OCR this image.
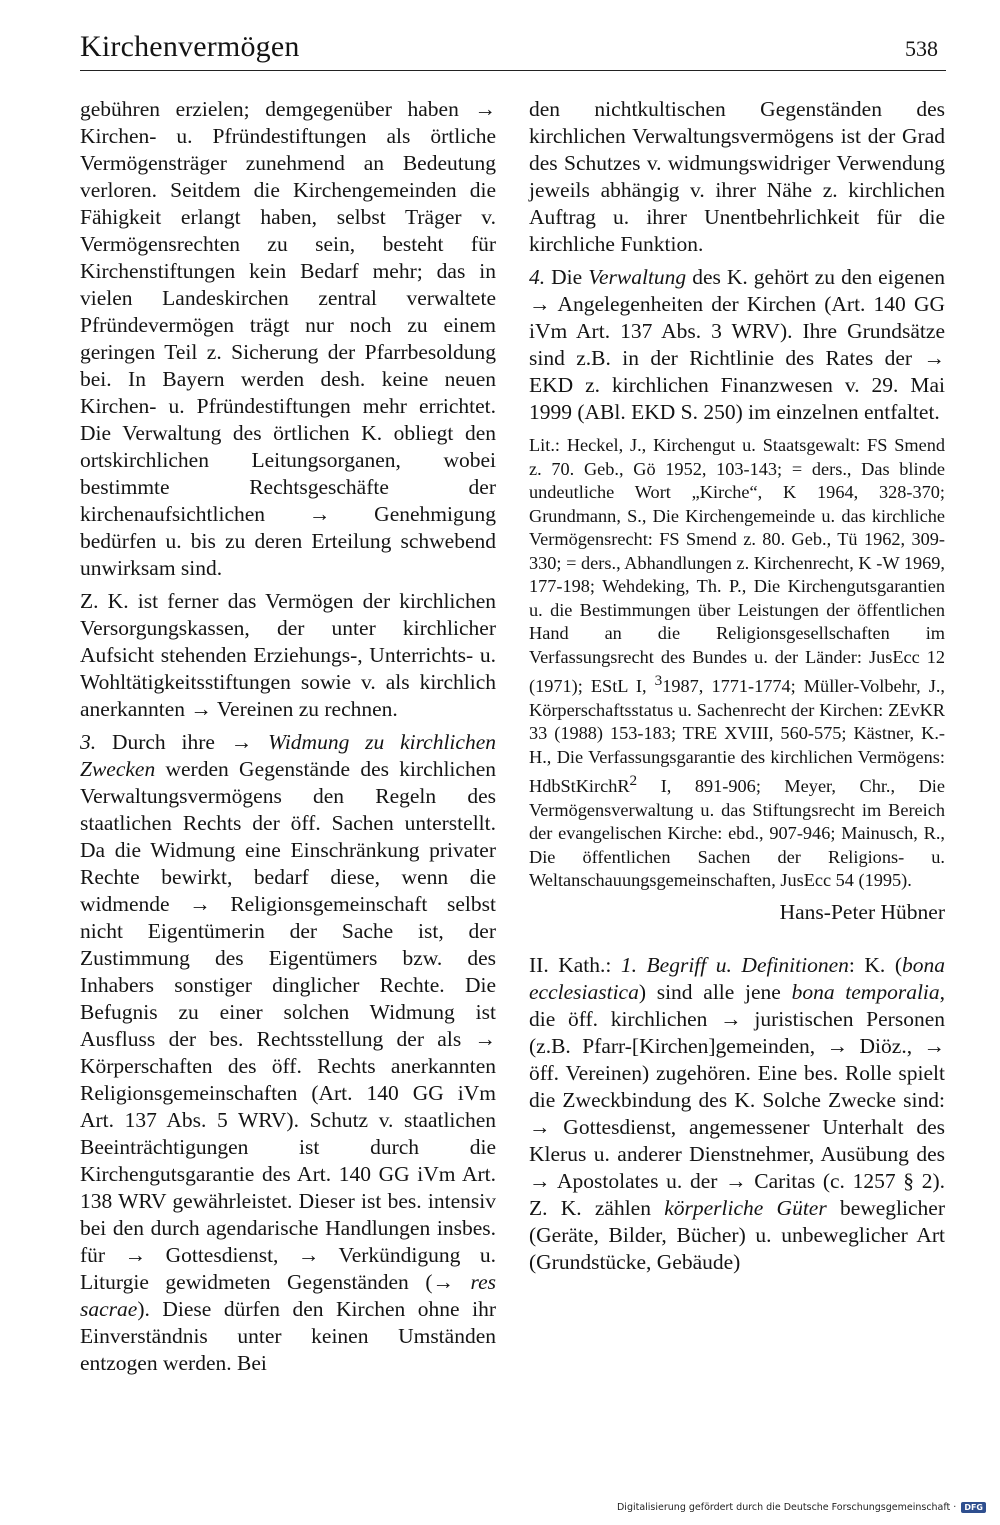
Kirchenvermögen	538

gebühren erzielen; demgegenüber haben → Kirchen- u. Pfründestiftungen als örtliche Vermögensträger zunehmend an Bedeutung verloren. Seitdem die Kirchengemeinden die Fähigkeit erlangt haben, selbst Träger v. Vermögensrechten zu sein, besteht für Kirchenstiftungen kein Bedarf mehr; das in vielen Landeskirchen zentral verwaltete Pfründevermögen trägt nur noch zu einem geringen Teil z. Sicherung der Pfarrbesoldung bei. In Bayern werden desh. keine neuen Kirchen- u. Pfründestiftungen mehr errichtet. Die Verwaltung des örtlichen K. obliegt den ortskirchlichen Leitungsorganen, wobei bestimmte Rechtsgeschäfte der kirchenaufsichtlichen → Genehmigung bedürfen u. bis zu deren Erteilung schwebend unwirksam sind.

Z. K. ist ferner das Vermögen der kirchlichen Versorgungskassen, der unter kirchlicher Aufsicht stehenden Erziehungs-, Unterrichts- u. Wohltätigkeitsstiftungen sowie v. als kirchlich anerkannten → Vereinen zu rechnen.

3. Durch ihre → Widmung zu kirchlichen Zwecken werden Gegenstände des kirchlichen Verwaltungsvermögens den Regeln des staatlichen Rechts der öff. Sachen unterstellt. Da die Widmung eine Einschränkung privater Rechte bewirkt, bedarf diese, wenn die widmende → Religionsgemeinschaft selbst nicht Eigentümerin der Sache ist, der Zustimmung des Eigentümers bzw. des Inhabers sonstiger dinglicher Rechte. Die Befugnis zu einer solchen Widmung ist Ausfluss der bes. Rechtsstellung der als → Körperschaften des öff. Rechts anerkannten Religionsgemeinschaften (Art. 140 GG iVm Art. 137 Abs. 5 WRV). Schutz v. staatlichen Beeinträchtigungen ist durch die Kirchengutsgarantie des Art. 140 GG iVm Art. 138 WRV gewährleistet. Dieser ist bes. intensiv bei den durch agendarische Handlungen insbes. für → Gottesdienst, → Verkündigung u. Liturgie gewidmeten Gegenständen (→ res sacrae). Diese dürfen den Kirchen ohne ihr Einverständnis unter keinen Umständen entzogen werden. Bei

den nichtkultischen Gegenständen des kirchlichen Verwaltungsvermögens ist der Grad des Schutzes v. widmungswidriger Verwendung jeweils abhängig v. ihrer Nähe z. kirchlichen Auftrag u. ihrer Unentbehrlichkeit für die kirchliche Funktion.

4. Die Verwaltung des K. gehört zu den eigenen → Angelegenheiten der Kirchen (Art. 140 GG iVm Art. 137 Abs. 3 WRV). Ihre Grundsätze sind z.B. in der Richtlinie des Rates der → EKD z. kirchlichen Finanzwesen v. 29. Mai 1999 (ABl. EKD S. 250) im einzelnen entfaltet.

Lit.: Heckel, J., Kirchengut u. Staatsgewalt: FS Smend z. 70. Geb., Gö 1952, 103-143; = ders., Das blinde undeutliche Wort „Kirche“, K 1964, 328-370; Grundmann, S., Die Kirchengemeinde u. das kirchliche Vermögensrecht: FS Smend z. 80. Geb., Tü 1962, 309-330; = ders., Abhandlungen z. Kirchenrecht, K -W 1969, 177-198; Wehdeking, Th. P., Die Kirchengutsgarantien u. die Bestimmungen über Leistungen der öffentlichen Hand an die Religionsgesellschaften im Verfassungsrecht des Bundes u. der Länder: JusEcc 12 (1971); EStL I, $^3$1987, 1771-1774; Müller-Volbehr, J., Körperschaftsstatus u. Sachenrecht der Kirchen: ZEvKR 33 (1988) 153-183; TRE XVIII, 560-575; Kästner, K.-H., Die Verfassungsgarantie des kirchlichen Vermögens: HdbStKirchR$^2$ I, 891-906; Meyer, Chr., Die Vermögensverwaltung u. das Stiftungsrecht im Bereich der evangelischen Kirche: ebd., 907-946; Mainusch, R., Die öffentlichen Sachen der Religions- u. Weltanschauungsgemeinschaften, JusEcc 54 (1995).

Hans-Peter Hübner

II. Kath.: 1. Begriff u. Definitionen: K. (bona ecclesiastica) sind alle jene bona temporalia, die öff. kirchlichen → juristischen Personen (z.B. Pfarr-[Kirchen]gemeinden, → Diöz., → öff. Vereinen) zugehören. Eine bes. Rolle spielt die Zweckbindung des K. Solche Zwecke sind: → Gottesdienst, angemessener Unterhalt des Klerus u. anderer Dienstnehmer, Ausübung des → Apostolates u. der → Caritas (c. 1257 § 2). Z. K. zählen körperliche Güter beweglicher (Geräte, Bilder, Bücher) u. unbeweglicher Art (Grundstücke, Gebäude)

Digitalisierung gefördert durch die Deutsche Forschungsgemeinschaft ·	DFG
